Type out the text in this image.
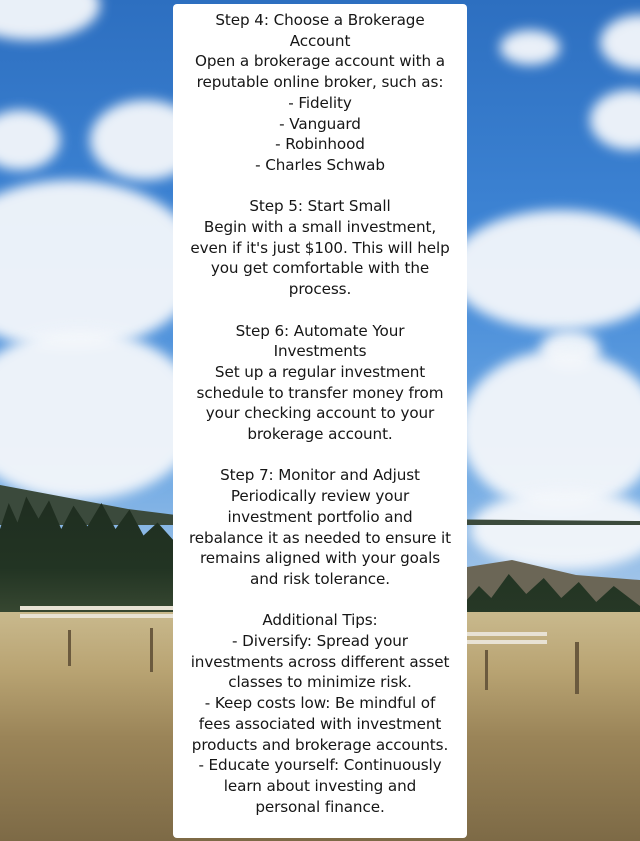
Step 4: Choose a Brokerage
Account
Open a brokerage account with a
reputable online broker, such as:
- Fidelity
- Vanguard
- Robinhood
- Charles Schwab
Step 5: Start Small
Begin with a small investment,
even if it's just $100. This will help
you get comfortable with the
process.
Step 6: Automate Your
Investments
Set up a regular investment
schedule to transfer money from
your checking account to your
brokerage account.
Step 7: Monitor and Adjust
Periodically review your
investment portfolio and
rebalance it as needed to ensure it
remains aligned with your goals
and risk tolerance.
Additional Tips:
- Diversify: Spread your
investments across different asset
classes to minimize risk.
- Keep costs low: Be mindful of
fees associated with investment
products and brokerage accounts.
- Educate yourself: Continuously
learn about investing and
personal finance.
